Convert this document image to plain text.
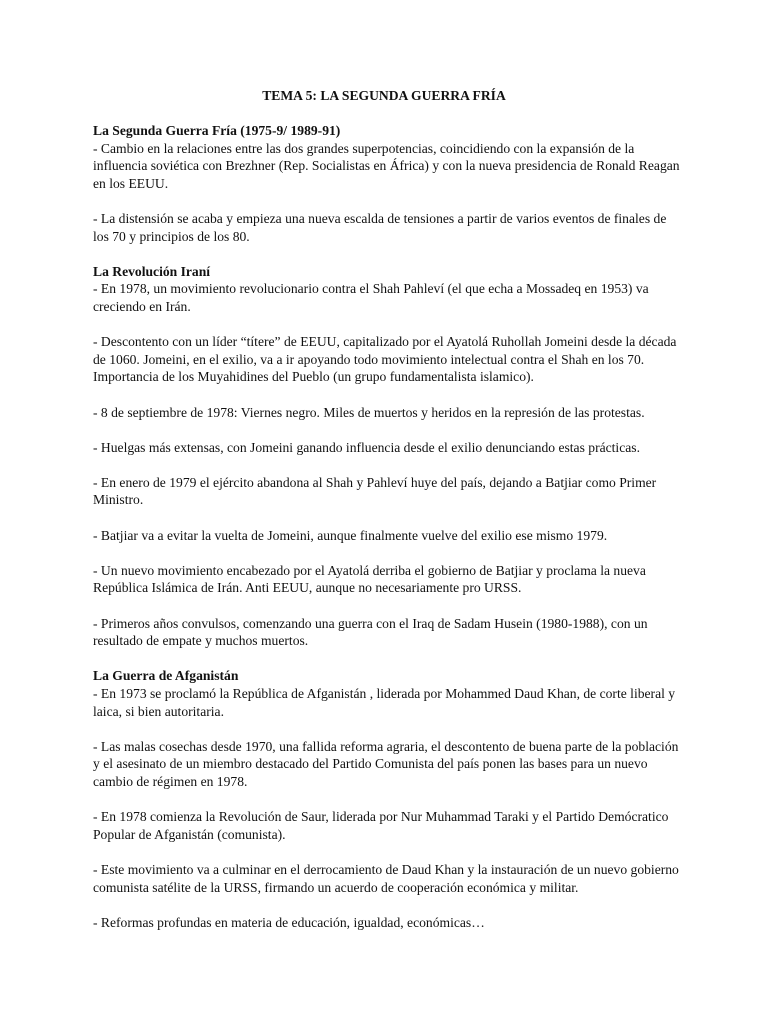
TEMA 5: LA SEGUNDA GUERRA FRÍA

La Segunda Guerra Fría (1975-9/ 1989-91)

- Cambio en la relaciones entre las dos grandes superpotencias, coincidiendo con la expansión de la influencia soviética con Brezhner (Rep. Socialistas en África) y con la nueva presidencia de Ronald Reagan en los EEUU.

- La distensión se acaba y empieza una nueva escalda de tensiones a partir de varios eventos de finales de los 70 y principios de los 80.

La Revolución Iraní

- En 1978, un movimiento revolucionario contra el Shah Pahleví (el que echa a Mossadeq en 1953) va creciendo en Irán.

- Descontento con un líder “títere” de EEUU, capitalizado por el Ayatolá Ruhollah Jomeini desde la década de 1060. Jomeini, en el exilio, va a ir apoyando todo movimiento intelectual contra el Shah en los 70. Importancia de los Muyahidines del Pueblo (un grupo fundamentalista islamico).

- 8 de septiembre de 1978: Viernes negro. Miles de muertos y heridos en la represión de las protestas.

- Huelgas más extensas, con Jomeini ganando influencia desde el exilio denunciando estas prácticas.

- En enero de 1979 el ejército abandona al Shah y Pahleví huye del país, dejando a Batjiar como Primer Ministro.

- Batjiar va a evitar la vuelta de Jomeini, aunque finalmente vuelve del exilio ese mismo 1979.

- Un nuevo movimiento encabezado por el Ayatolá derriba el gobierno de Batjiar y proclama la nueva República Islámica de Irán. Anti EEUU, aunque no necesariamente pro URSS.

- Primeros años convulsos, comenzando una guerra con el Iraq de Sadam Husein (1980-1988), con un resultado de empate y muchos muertos.

La Guerra de Afganistán

- En 1973 se proclamó la República de Afganistán , liderada por Mohammed Daud Khan, de corte liberal y laica, si bien autoritaria.

- Las malas cosechas desde 1970, una fallida reforma agraria, el descontento de buena parte de la población y el asesinato de un miembro destacado del Partido Comunista del país ponen las bases para un nuevo cambio de régimen en 1978.

- En 1978 comienza la Revolución de Saur, liderada por Nur Muhammad Taraki y el Partido Demócratico Popular de Afganistán (comunista).

- Este movimiento va a culminar en el derrocamiento de Daud Khan y la instauración de un nuevo gobierno comunista satélite de la URSS, firmando un acuerdo de cooperación económica y militar.

- Reformas profundas en materia de educación, igualdad, económicas…
